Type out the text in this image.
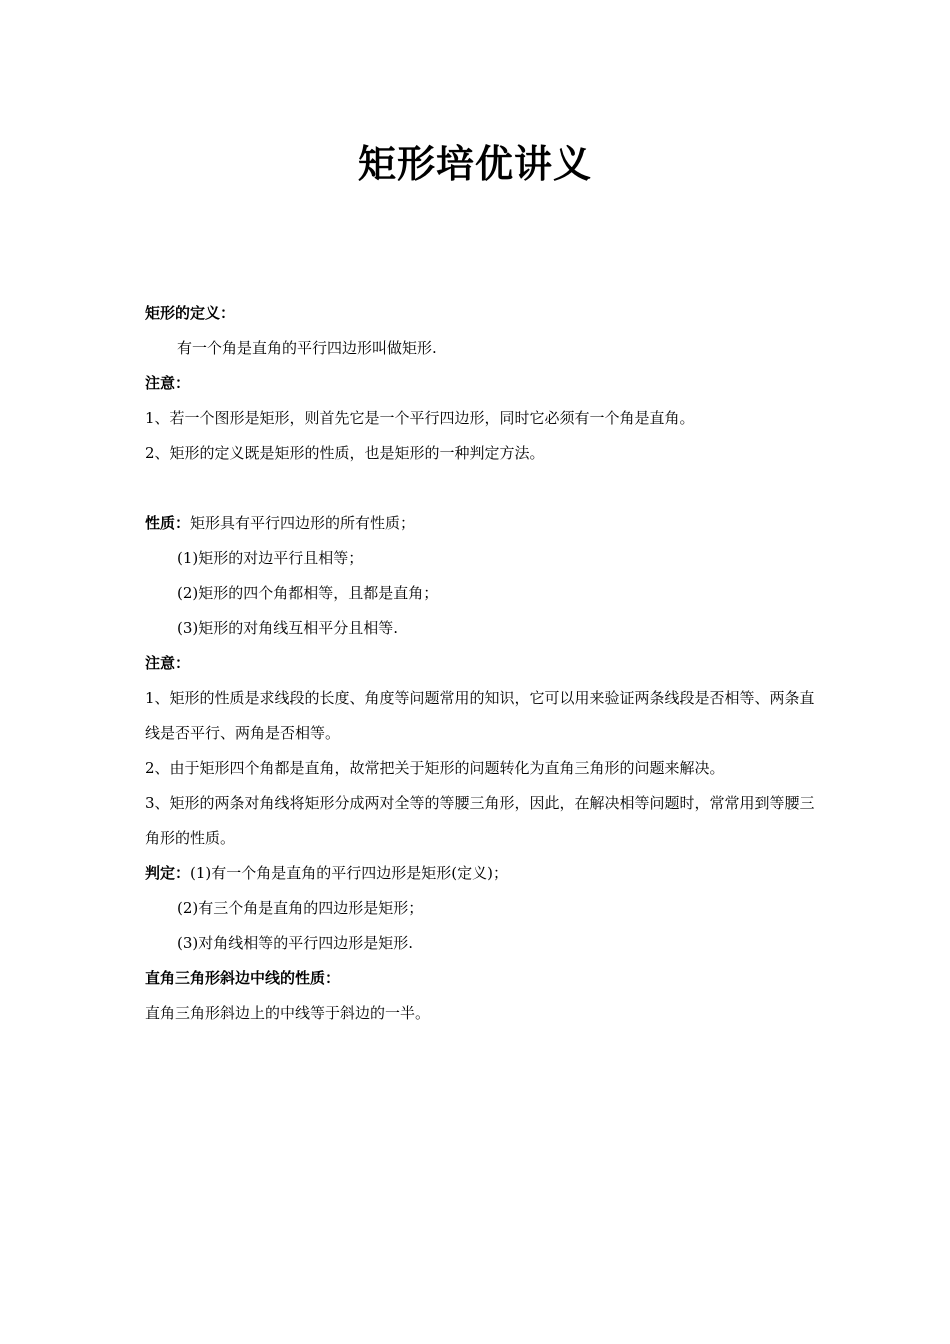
矩形培优讲义
矩形的定义：
有一个角是直角的平行四边形叫做矩形.
注意：
1、若一个图形是矩形，则首先它是一个平行四边形，同时它必须有一个角是直角。
2、矩形的定义既是矩形的性质，也是矩形的一种判定方法。
性质：矩形具有平行四边形的所有性质；
(1)矩形的对边平行且相等；
(2)矩形的四个角都相等，且都是直角；
(3)矩形的对角线互相平分且相等.
注意：
1、矩形的性质是求线段的长度、角度等问题常用的知识，它可以用来验证两条线段是否相等、两条直线是否平行、两角是否相等。
2、由于矩形四个角都是直角，故常把关于矩形的问题转化为直角三角形的问题来解决。
3、矩形的两条对角线将矩形分成两对全等的等腰三角形，因此，在解决相等问题时，常常用到等腰三角形的性质。
判定：(1)有一个角是直角的平行四边形是矩形(定义)；
(2)有三个角是直角的四边形是矩形；
(3)对角线相等的平行四边形是矩形.
直角三角形斜边中线的性质：
直角三角形斜边上的中线等于斜边的一半。
